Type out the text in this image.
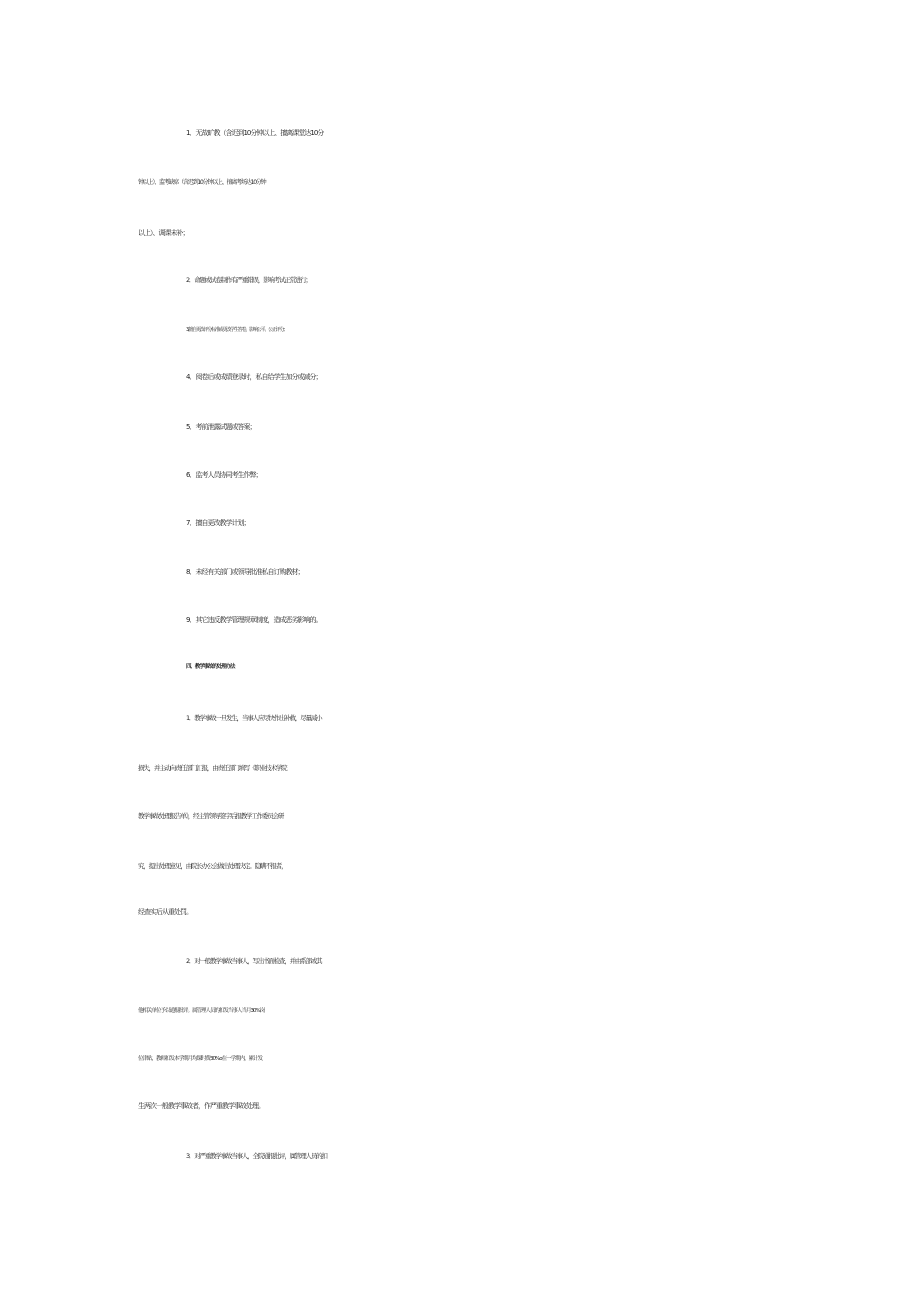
1．无故旷教（含迟到10分钟以上、擅离课堂达10分
钟以上）、监考缺席（含迟到10分钟以上、擅离考场达10分钟
以上）、调课未补；
2．命题或试卷制作有严重错误，影响考试正常进行；
3,擅自更改评分标准或更改学生答卷，影响公平、公正评分;
4．阅卷后或成绩登录时，私自给学生加分或减分；
5．考前泄露试题或答案；
6．监考人员协同考生作弊；
7．擅自更改教学计划；
8．未经有关部门或领导批准私自订购教材；
9．其它违反教学管理规章制度，造成恶劣影响的。
四、教学事故的处理办法
1．教学事故一旦发生，当事人应尽快作出补救，尽量减小
损失，并主动向责任部门汇报，由责任部门填写《职业技术学院
教学事故处理报告单》，经主管领导签字后报教学工作委员会研
究，提出处理意见，由院长办公会做出处理决定。隐瞒不报者，
经查实后从重处罚。
2．对一般教学事故当事人，写出书面检查，并由系部或其
他相关单位予以通报批评。属管理人员的扣发当事人当月30%岗
位津贴，教师扣发本学期月均课时费30%o在一学期内，累计发
生两次一般教学事故者，作严重教学事故处理。
3．对严重教学事故当事人，全院通报批评，属管理人员的扣
